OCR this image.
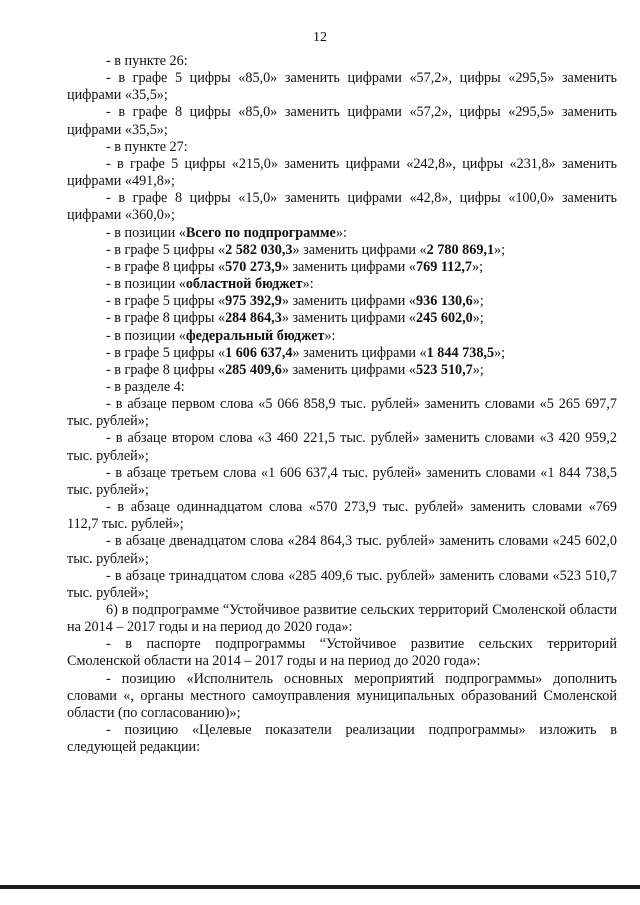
12

- в пункте 26:

- в графе 5 цифры «85,0» заменить цифрами «57,2», цифры «295,5» заменить цифрами «35,5»;

- в графе 8 цифры «85,0» заменить цифрами «57,2», цифры «295,5» заменить цифрами «35,5»;

- в пункте 27:

- в графе 5 цифры «215,0» заменить цифрами «242,8», цифры «231,8» заменить цифрами «491,8»;

- в графе 8 цифры «15,0» заменить цифрами «42,8», цифры «100,0» заменить цифрами «360,0»;

- в позиции «Всего по подпрограмме»:

- в графе 5 цифры «2 582 030,3» заменить цифрами «2 780 869,1»;

- в графе 8 цифры «570 273,9» заменить цифрами «769 112,7»;

- в позиции «областной бюджет»:

- в графе 5 цифры «975 392,9» заменить цифрами «936 130,6»;

- в графе 8 цифры «284 864,3» заменить цифрами «245 602,0»;

- в позиции «федеральный бюджет»:

- в графе 5 цифры «1 606 637,4» заменить цифрами «1 844 738,5»;

- в графе 8 цифры «285 409,6» заменить цифрами «523 510,7»;

- в разделе 4:

- в абзаце первом слова «5 066 858,9 тыс. рублей» заменить словами «5 265 697,7 тыс. рублей»;

- в абзаце втором слова «3 460 221,5 тыс. рублей» заменить словами «3 420 959,2 тыс. рублей»;

- в абзаце третьем слова «1 606 637,4 тыс. рублей» заменить словами «1 844 738,5 тыс. рублей»;

- в абзаце одиннадцатом слова «570 273,9 тыс. рублей» заменить словами «769 112,7 тыс. рублей»;

- в абзаце двенадцатом слова «284 864,3 тыс. рублей» заменить словами «245 602,0 тыс. рублей»;

- в абзаце тринадцатом слова «285 409,6 тыс. рублей» заменить словами «523 510,7 тыс. рублей»;

6) в подпрограмме “Устойчивое развитие сельских территорий Смоленской области на 2014 – 2017 годы и на период до 2020 года»:

- в паспорте подпрограммы “Устойчивое развитие сельских территорий Смоленской области на 2014 – 2017 годы и на период до 2020 года»:

- позицию «Исполнитель основных мероприятий подпрограммы» дополнить словами «, органы местного самоуправления муниципальных образований Смоленской области (по согласованию)»;

- позицию «Целевые показатели реализации подпрограммы» изложить в следующей редакции:
